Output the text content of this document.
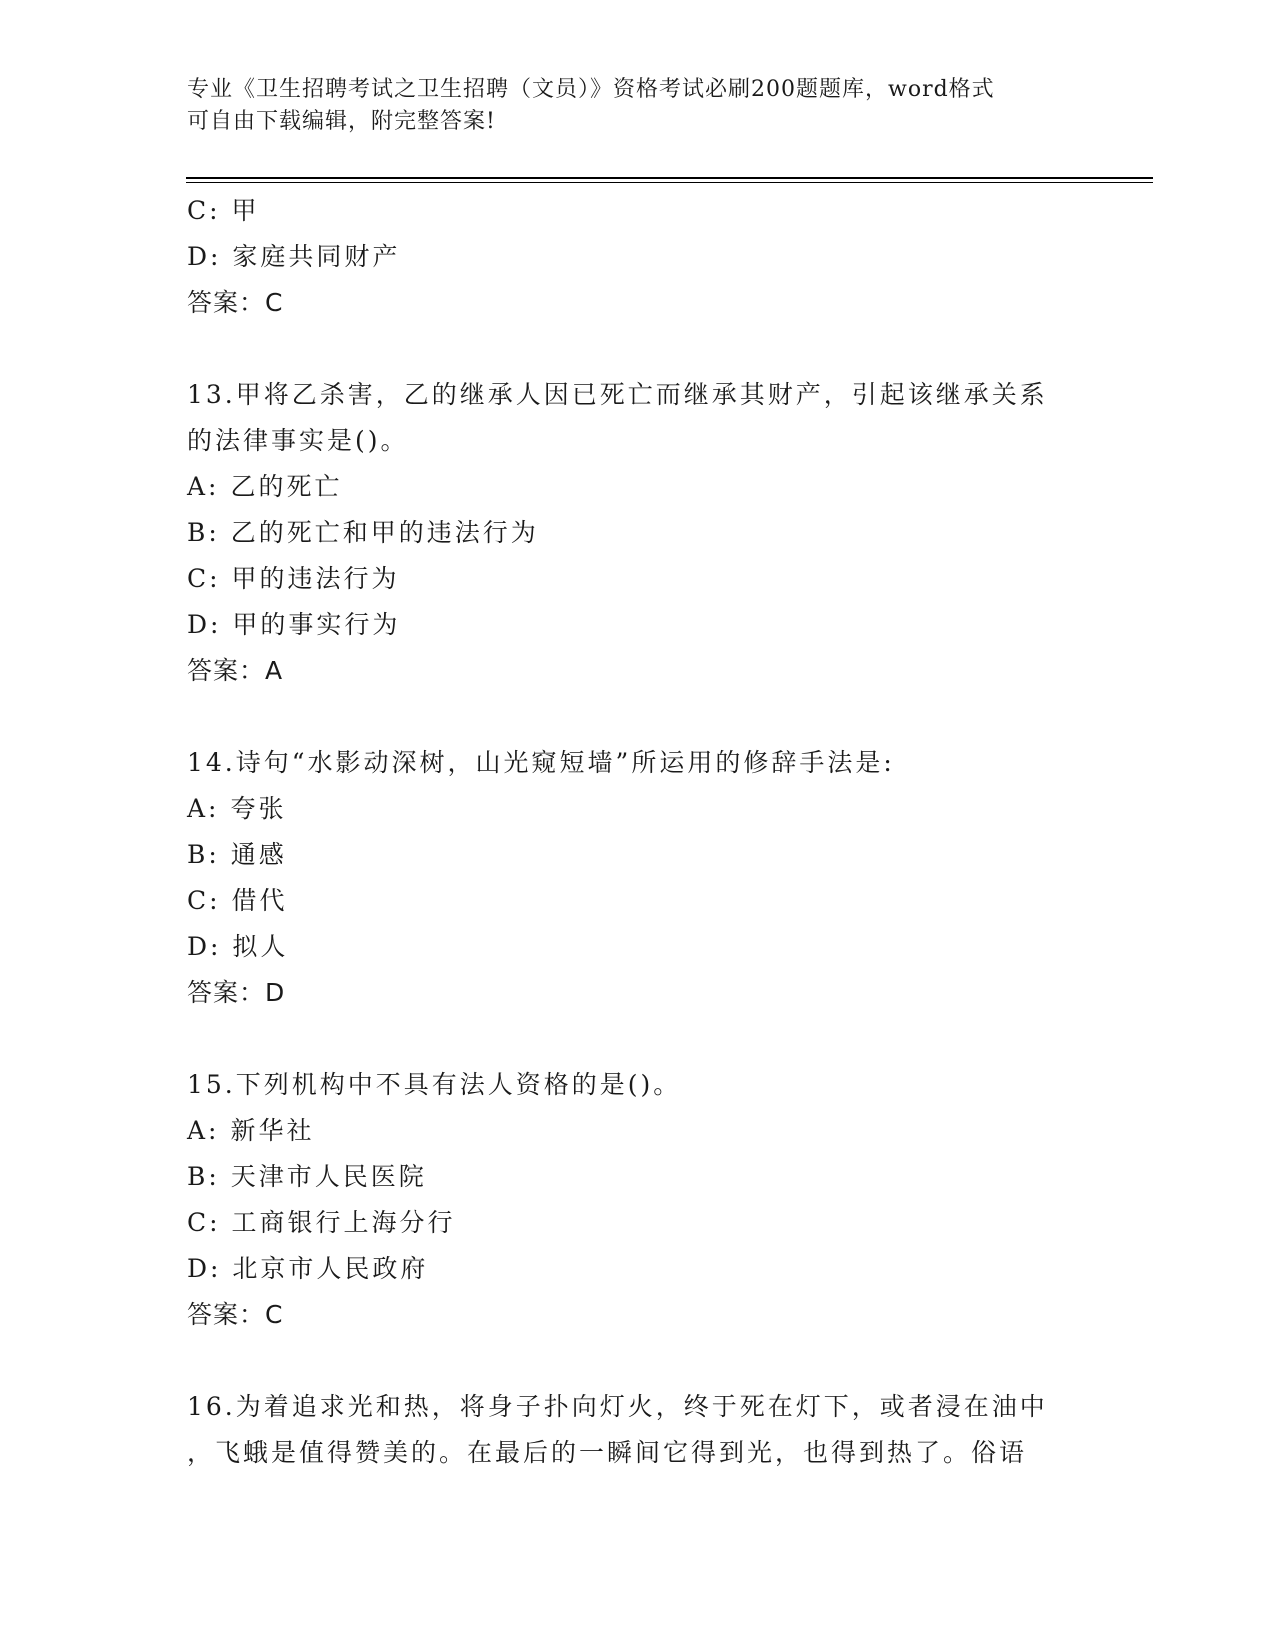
专业《卫生招聘考试之卫生招聘（文员）》资格考试必刷200题题库，word格式
可自由下载编辑，附完整答案!
C: 甲
D: 家庭共同财产
答案：C
13.甲将乙杀害，乙的继承人因已死亡而继承其财产，引起该继承关系
的法律事实是()。
A: 乙的死亡
B: 乙的死亡和甲的违法行为
C: 甲的违法行为
D: 甲的事实行为
答案：A
14.诗句“水影动深树，山光窥短墙”所运用的修辞手法是:
A: 夸张
B: 通感
C: 借代
D: 拟人
答案：D
15.下列机构中不具有法人资格的是()。
A: 新华社
B: 天津市人民医院
C: 工商银行上海分行
D: 北京市人民政府
答案：C
16.为着追求光和热，将身子扑向灯火，终于死在灯下，或者浸在油中
，飞蛾是值得赞美的。在最后的一瞬间它得到光，也得到热了。俗语
